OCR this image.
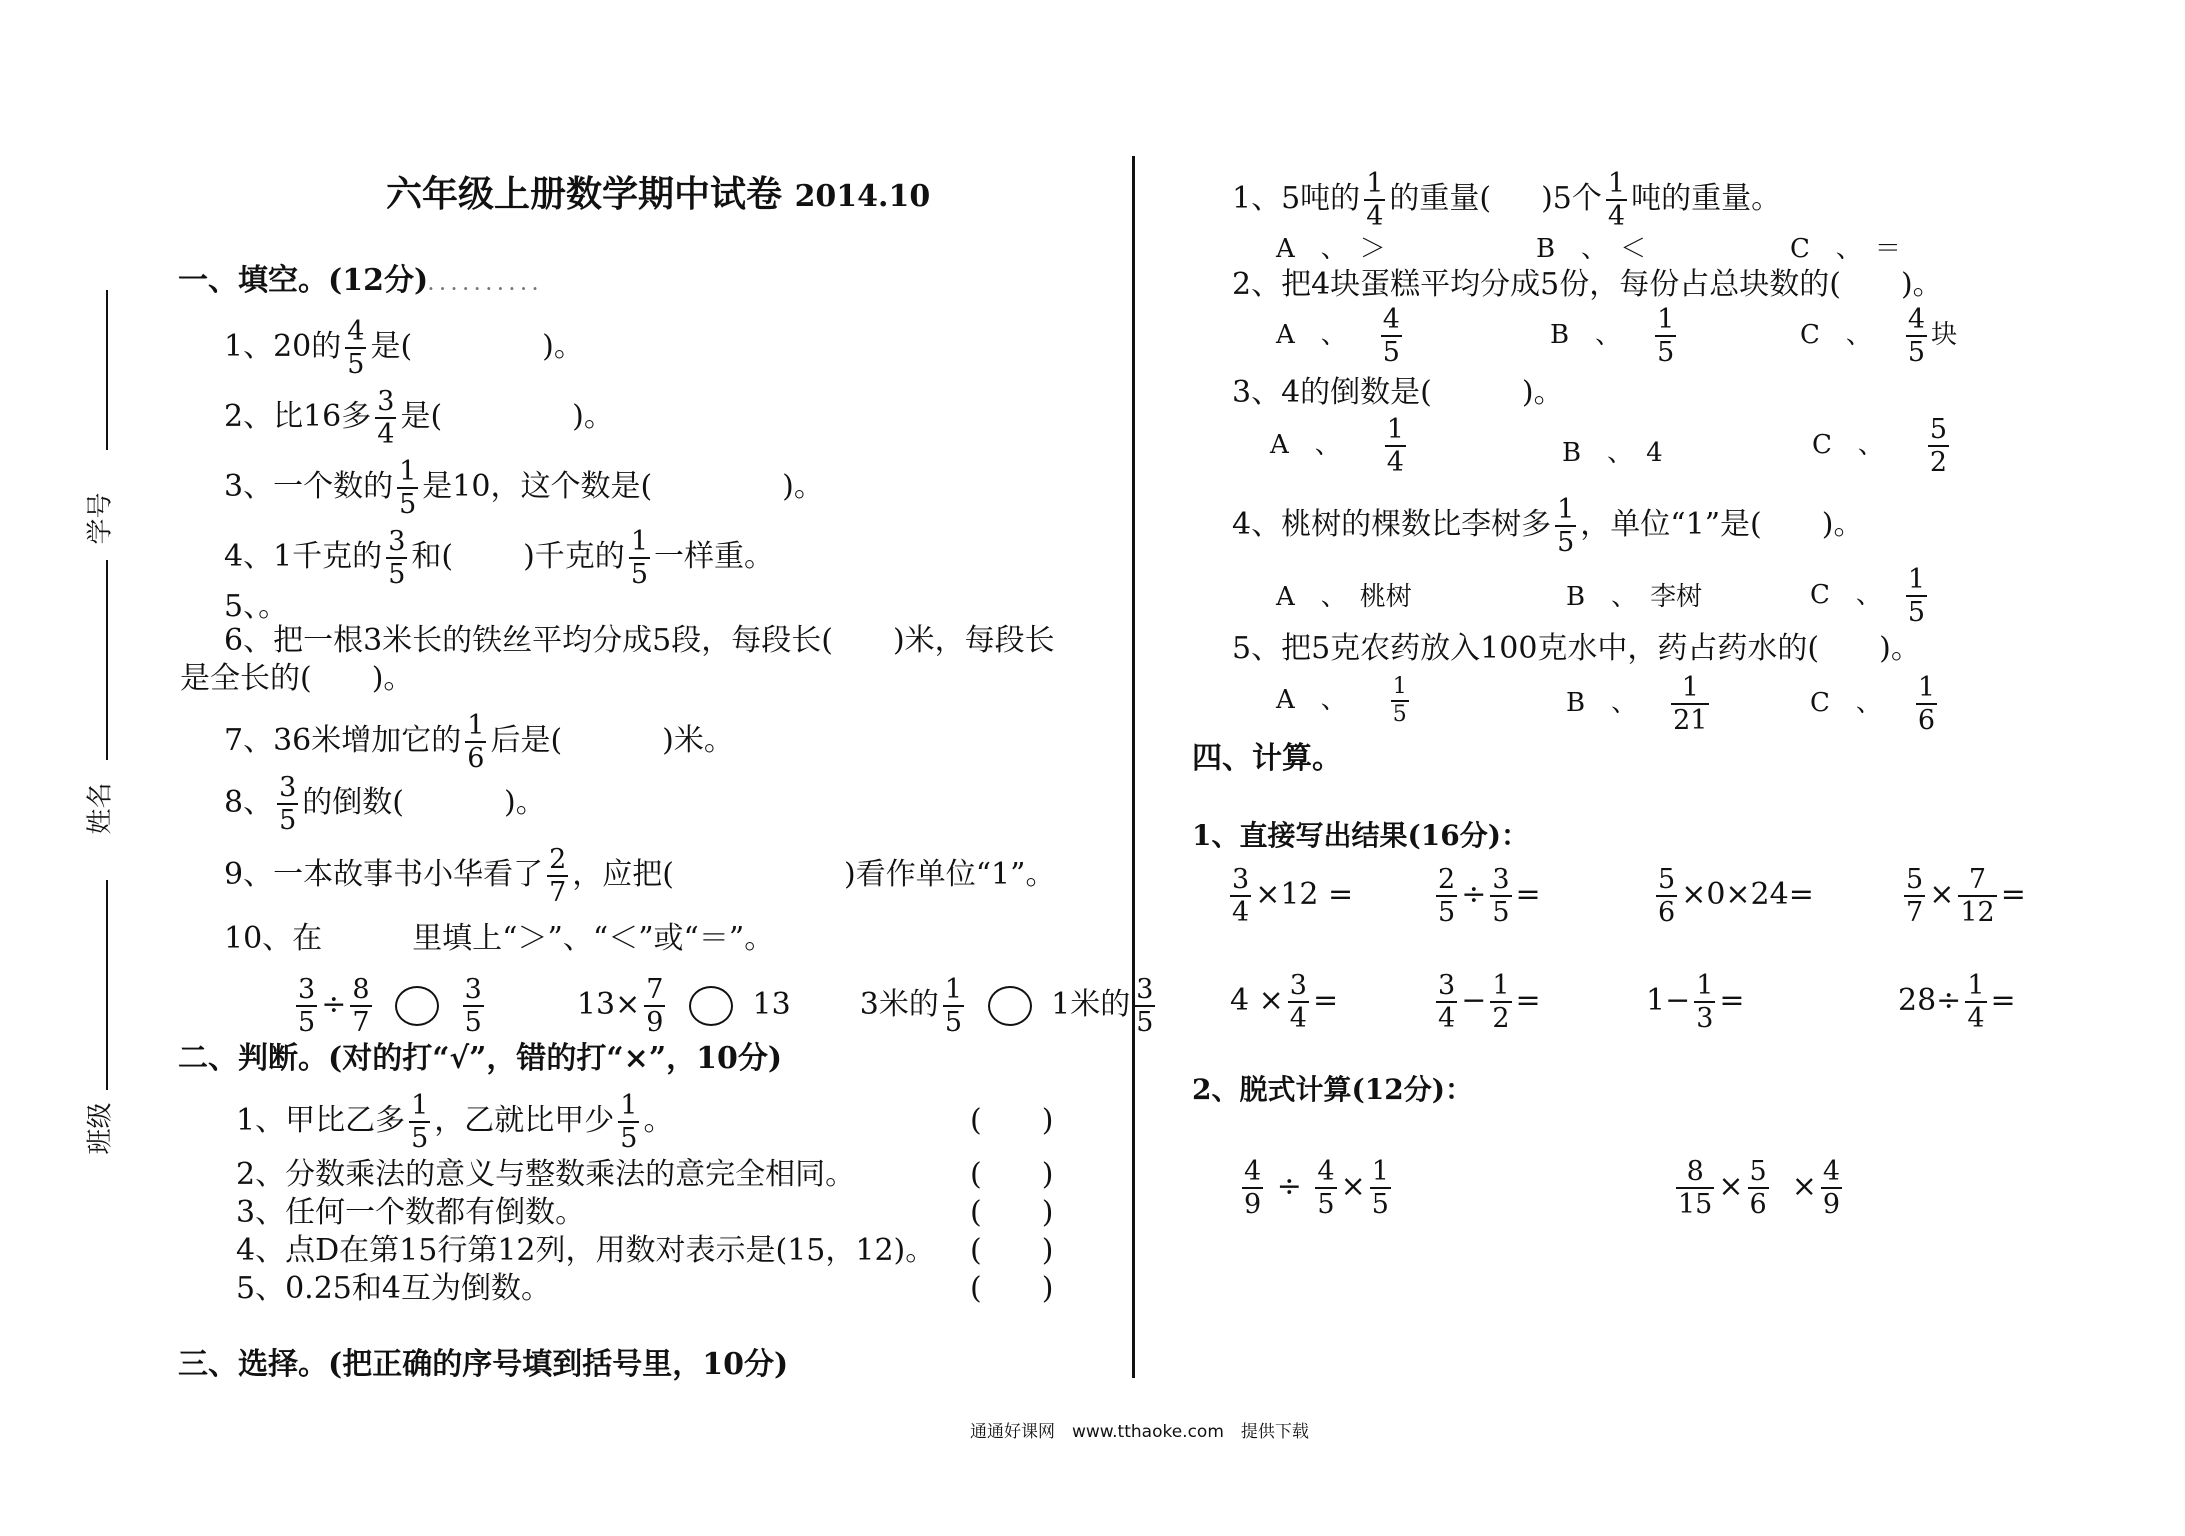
学号
姓名
班级
六年级上册数学期中试卷 2014.10
一、填空。(12分)..........
1、20的 $\frac{4}{5}$ 是(	)。
2、比16多 $\frac{3}{4}$ 是(	)。
3、一个数的 $\frac{1}{5}$ 是10，这个数是(	)。
4、1千克的 $\frac{3}{5}$ 和( )千克的 $\frac{1}{5}$ 一样重。
5、。
6、把一根3米长的铁丝平均分成5段，每段长(　　)米，每段长
是全长的(　　)。
7、36米增加它的 $\frac{1}{6}$ 后是(	)米。
8、 $\frac{3}{5}$ 的倒数(	)。
9、一本故事书小华看了 $\frac{2}{7}$ ，应把(	)看作单位“1”。
10、在	里填上“＞”、“＜”或“＝”。
$\frac{3}{5} \div \frac{8}{7}$
	$\frac{3}{5}$	$13\times \frac{7}{9}$	13 3米的 $\frac{1}{5}$	1米的 $\frac{3}{5}$
二、判断。(对的打“√”，错的打“×”，10分)
1、甲比乙多 $\frac{1}{5}$ ，乙就比甲少 $\frac{1}{5}$ 。	(　　)
2、分数乘法的意义与整数乘法的意完全相同。	(　　)
3、任何一个数都有倒数。	(　　)
4、点D在第15行第12列，用数对表示是(15，12)。 (　　)
5、0.25和4互为倒数。	(　　)
三、选择。(把正确的序号填到括号里，10分)
1、5吨的 $\frac{1}{4}$ 的重量( )5个 $\frac{1}{4}$ 吨的重量。
A　、　＞	B　、　＜	C　、　＝
2、把4块蛋糕平均分成5份，每份占总块数的(　　)。
A　、 $\frac{4}{5}$	B　、 $\frac{1}{5}$	C　、 $\frac{4}{5}$ 块
3、4的倒数是(　　　)。
A　、 $\frac{1}{4}$	B　、　4	C　、 $\frac{5}{2}$
4、桃树的棵数比李树多 $\frac{1}{5}$ ，单位“1”是(　　)。
A　、　桃树	B　、　李树	C　、 $\frac{1}{5}$
5、把5克农药放入100克水中，药占药水的(　　)。
A　、 $\frac{1}{5}$	B　、 $\frac{1}{21}$	C　、 $\frac{1}{6}$
四、计算。
1、直接写出结果(16分)：
$\frac{3}{4} \times 12$ =	$\frac{2}{5} \div \frac{3}{5}$ =	$\frac{5}{6} \times 0\times 24=$	$\frac{5}{7} \times \frac{7}{12}$ =
$4 \times \frac{3}{4}$ =	$\frac{3}{4} - \frac{1}{2}$ =	$1- \frac{1}{3}$ =	$28\div \frac{1}{4}$ =
2、脱式计算(12分)：
$\frac{4}{9} \div \frac{4}{5} \times \frac{1}{5}$	$\frac{8}{15} \times \frac{5}{6} \times \frac{4}{9}$
通通好课网　www.tthaoke.com　提供下载
